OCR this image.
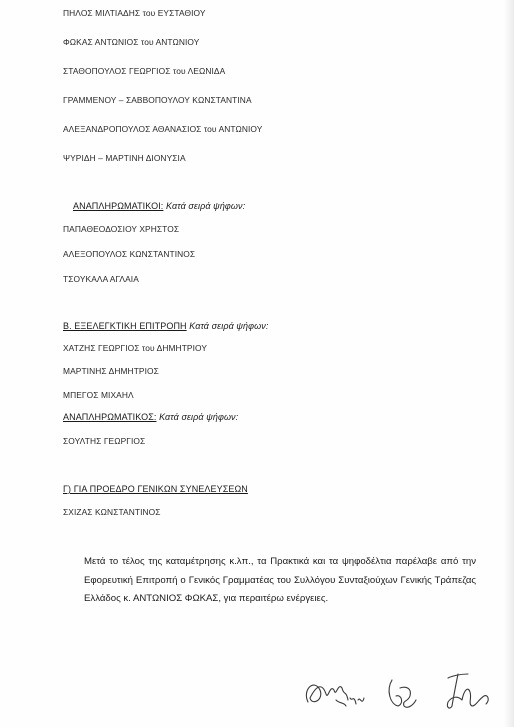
ΠΗΛΟΣ ΜΙΛΤΙΑΔΗΣ του ΕΥΣΤΑΘΙΟΥ
ΦΩΚΑΣ ΑΝΤΩΝΙΟΣ του ΑΝΤΩΝΙΟΥ
ΣΤΑΘΟΠΟΥΛΟΣ ΓΕΩΡΓΙΟΣ του ΛΕΩΝΙΔΑ
ΓΡΑΜΜΕΝΟΥ – ΣΑΒΒΟΠΟΥΛΟΥ ΚΩΝΣΤΑΝΤΙΝΑ
ΑΛΕΞΑΝΔΡΟΠΟΥΛΟΣ ΑΘΑΝΑΣΙΟΣ του ΑΝΤΩΝΙΟΥ
ΨΥΡΙΔΗ – ΜΑΡΤΙΝΗ ΔΙΟΝΥΣΙΑ
ΑΝΑΠΛΗΡΩΜΑΤΙΚΟΙ: Κατά σειρά ψήφων:
ΠΑΠΑΘΕΟΔΟΣΙΟΥ ΧΡΗΣΤΟΣ
ΑΛΕΞΟΠΟΥΛΟΣ ΚΩΝΣΤΑΝΤΙΝΟΣ
ΤΣΟΥΚΑΛΑ ΑΓΛΑΙΑ
Β. ΕΞΕΛΕΓΚΤΙΚΗ ΕΠΙΤΡΟΠΗ Κατά σειρά ψήφων:
ΧΑΤΖΗΣ ΓΕΩΡΓΙΟΣ του ΔΗΜΗΤΡΙΟΥ
ΜΑΡΤΙΝΗΣ ΔΗΜΗΤΡΙΟΣ
ΜΠΕΓΟΣ ΜΙΧΑΗΛ
ΑΝΑΠΛΗΡΩΜΑΤΙΚΟΣ: Κατά σειρά ψήφων:
ΣΟΥΛΤΗΣ ΓΕΩΡΓΙΟΣ
Γ) ΓΙΑ ΠΡΟΕΔΡΟ ΓΕΝΙΚΩΝ ΣΥΝΕΛΕΥΣΕΩΝ
ΣΧΙΖΑΣ ΚΩΝΣΤΑΝΤΙΝΟΣ
Μετά το τέλος της καταμέτρησης κ.λπ., τα Πρακτικά και τα ψηφοδέλτια παρέλαβε από την Εφορευτική Επιτροπή ο Γενικός Γραμματέας του Συλλόγου Συνταξιούχων Γενικής Τράπεζας Ελλάδος κ. ΑΝΤΩΝΙΟΣ ΦΩΚΑΣ, για περαιτέρω ενέργειες.
